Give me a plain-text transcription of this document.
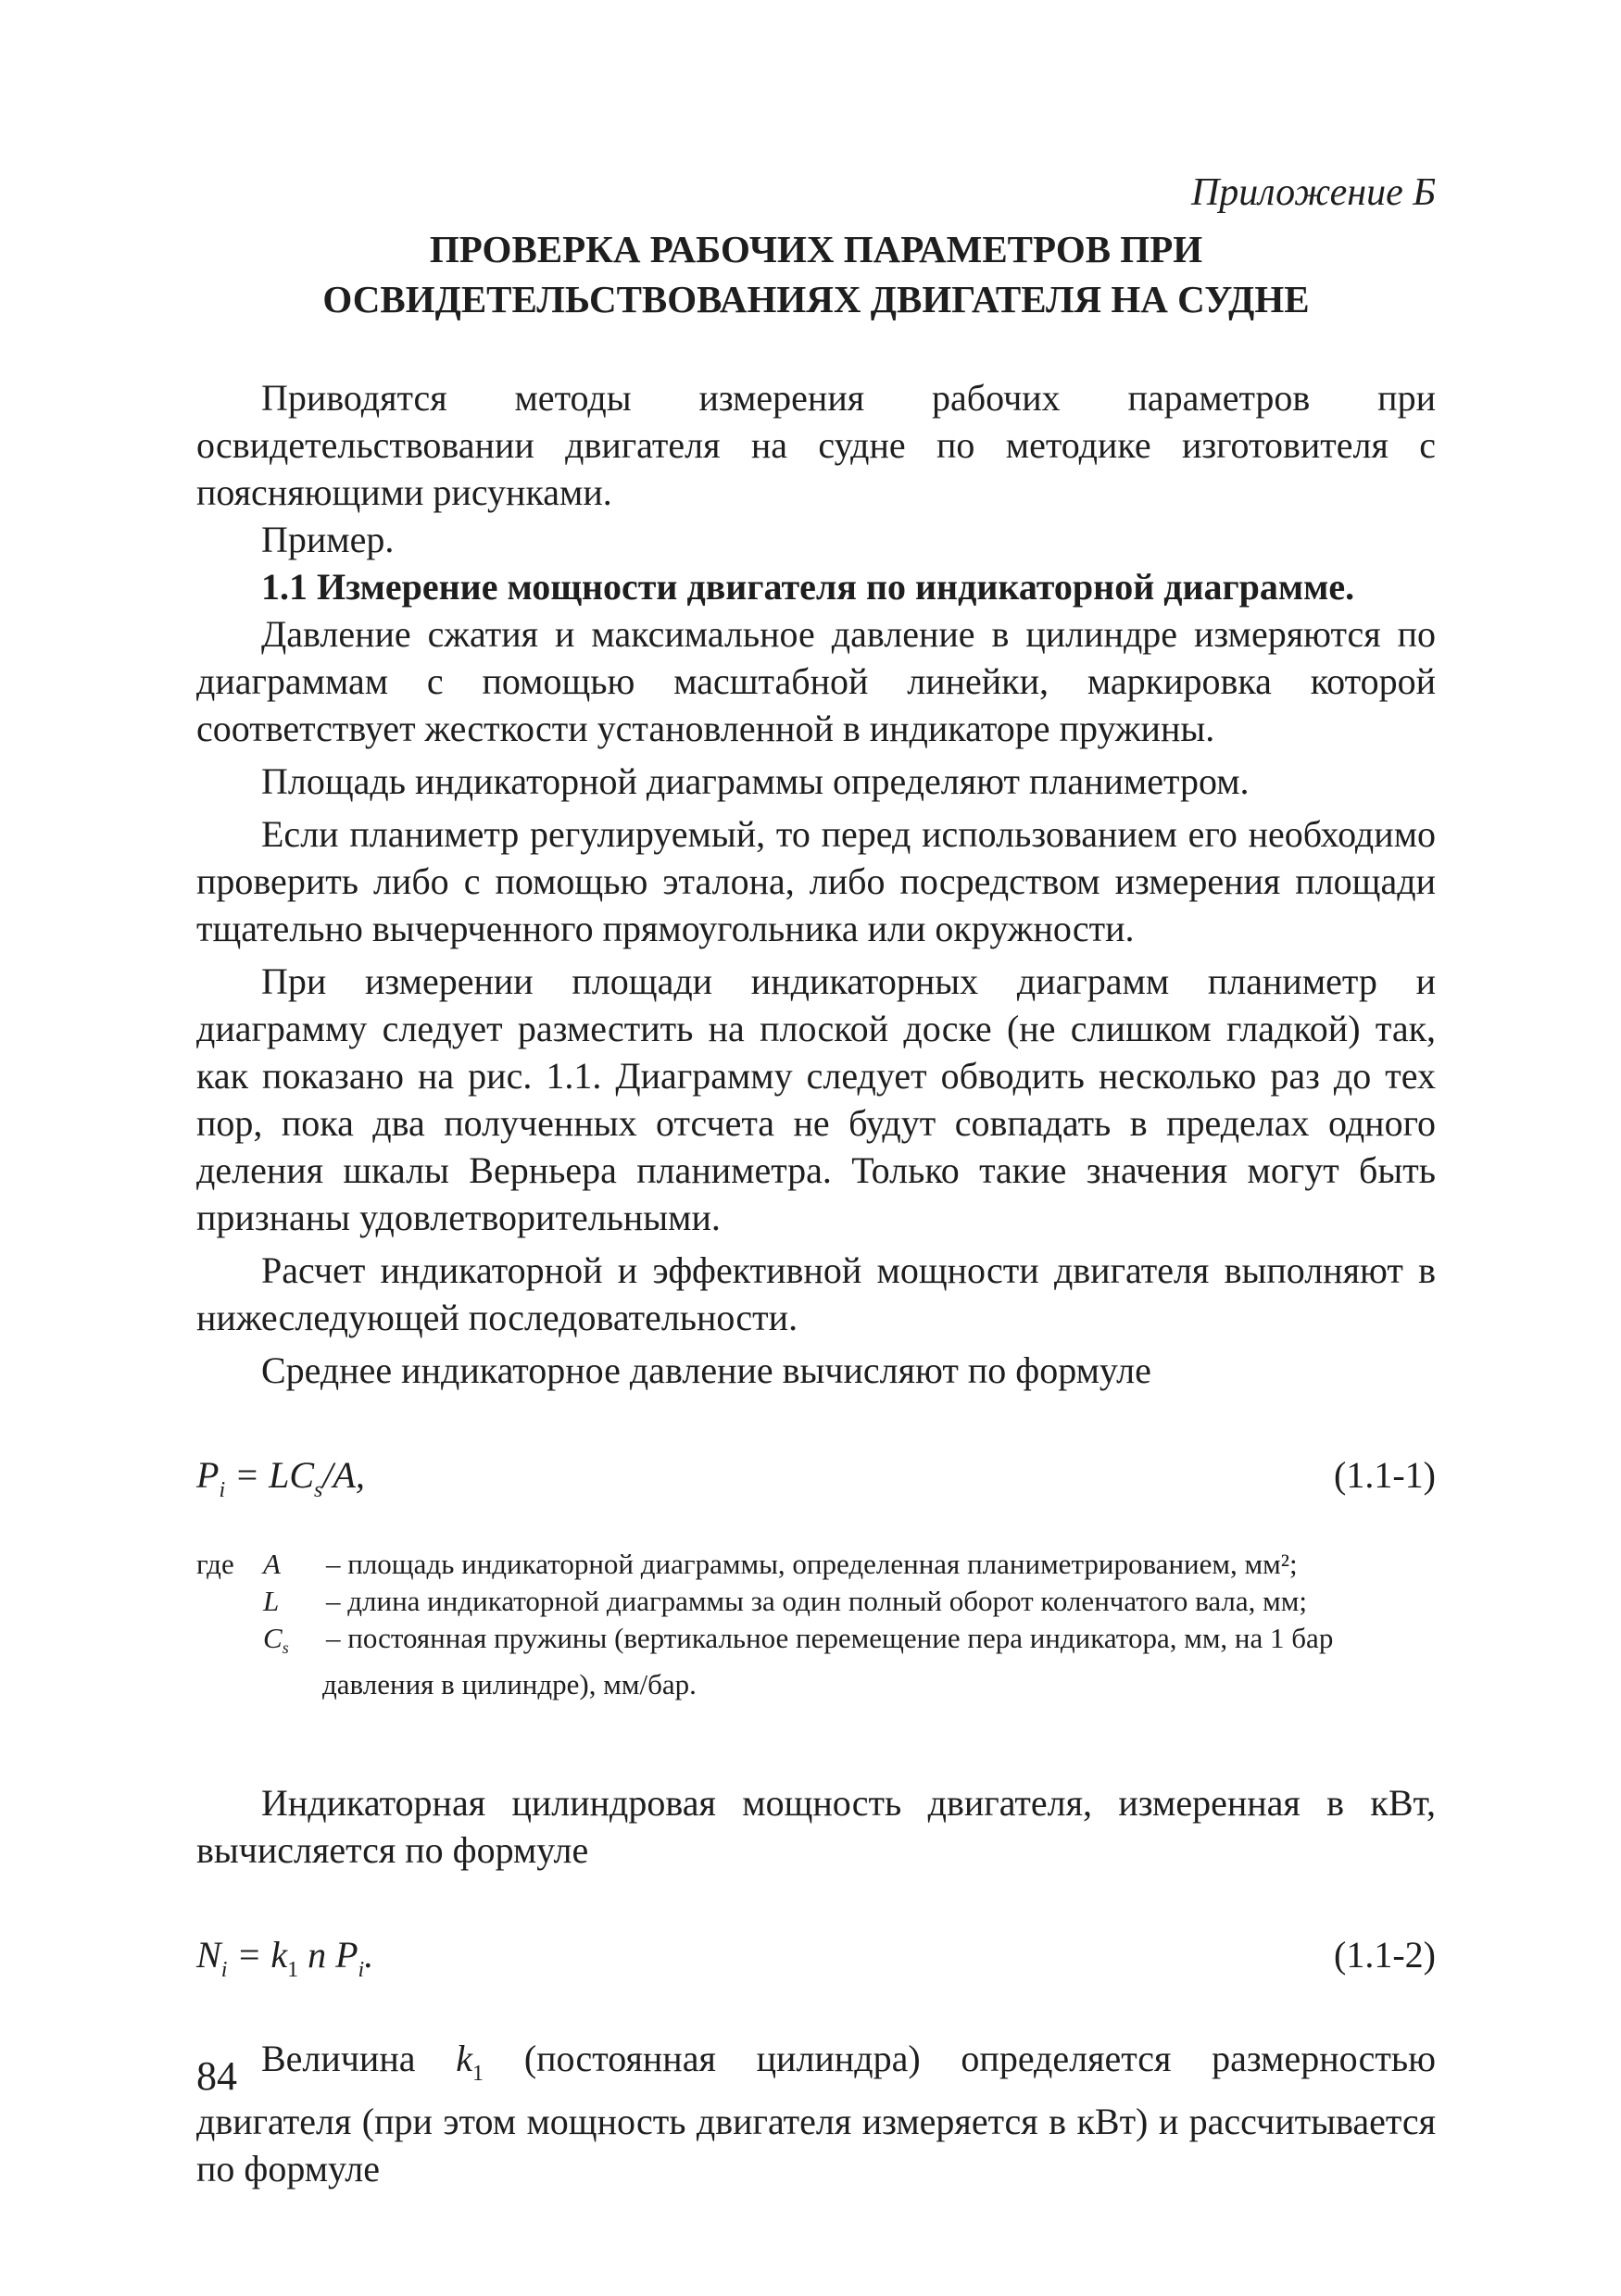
Приложение Б
ПРОВЕРКА РАБОЧИХ ПАРАМЕТРОВ ПРИ
ОСВИДЕТЕЛЬСТВОВАНИЯХ ДВИГАТЕЛЯ НА СУДНЕ

Приводятся методы измерения рабочих параметров при освидетельствовании двигателя на судне по методике изготовителя с поясняющими рисунками.

Пример.

1.1 Измерение мощности двигателя по индикаторной диаграмме.

Давление сжатия и максимальное давление в цилиндре измеряются по диаграммам с помощью масштабной линейки, маркировка которой соответствует жесткости установленной в индикаторе пружины.

Площадь индикаторной диаграммы определяют планиметром.

Если планиметр регулируемый, то перед использованием его необходимо проверить либо с помощью эталона, либо посредством измерения площади тщательно вычерченного прямоугольника или окружности.

При измерении площади индикаторных диаграмм планиметр и диаграмму следует разместить на плоской доске (не слишком гладкой) так, как показано на рис. 1.1. Диаграмму следует обводить несколько раз до тех пор, пока два полученных отсчета не будут совпадать в пределах одного деления шкалы Верньера планиметра. Только такие значения могут быть признаны удовлетворительными.

Расчет индикаторной и эффективной мощности двигателя выполняют в нижеследующей последовательности.

Среднее индикаторное давление вычисляют по формуле

$P_i = LC_s/A$,	(1.1-1)
где A – площадь индикаторной диаграммы, определенная планиметрированием, мм²;
L – длина индикаторной диаграммы за один полный оборот коленчатого вала, мм;
$C_s$ – постоянная пружины (вертикальное перемещение пера индикатора, мм, на 1 бар давления в цилиндре), мм/бар.

Индикаторная цилиндровая мощность двигателя, измеренная в кВт, вычисляется по формуле

$N_i = k_1$ n $P_i$.	(1.1-2)

Величина $k_1$ (постоянная цилиндра) определяется размерностью двигателя (при этом мощность двигателя измеряется в кВт) и рассчитывается по формуле

84
